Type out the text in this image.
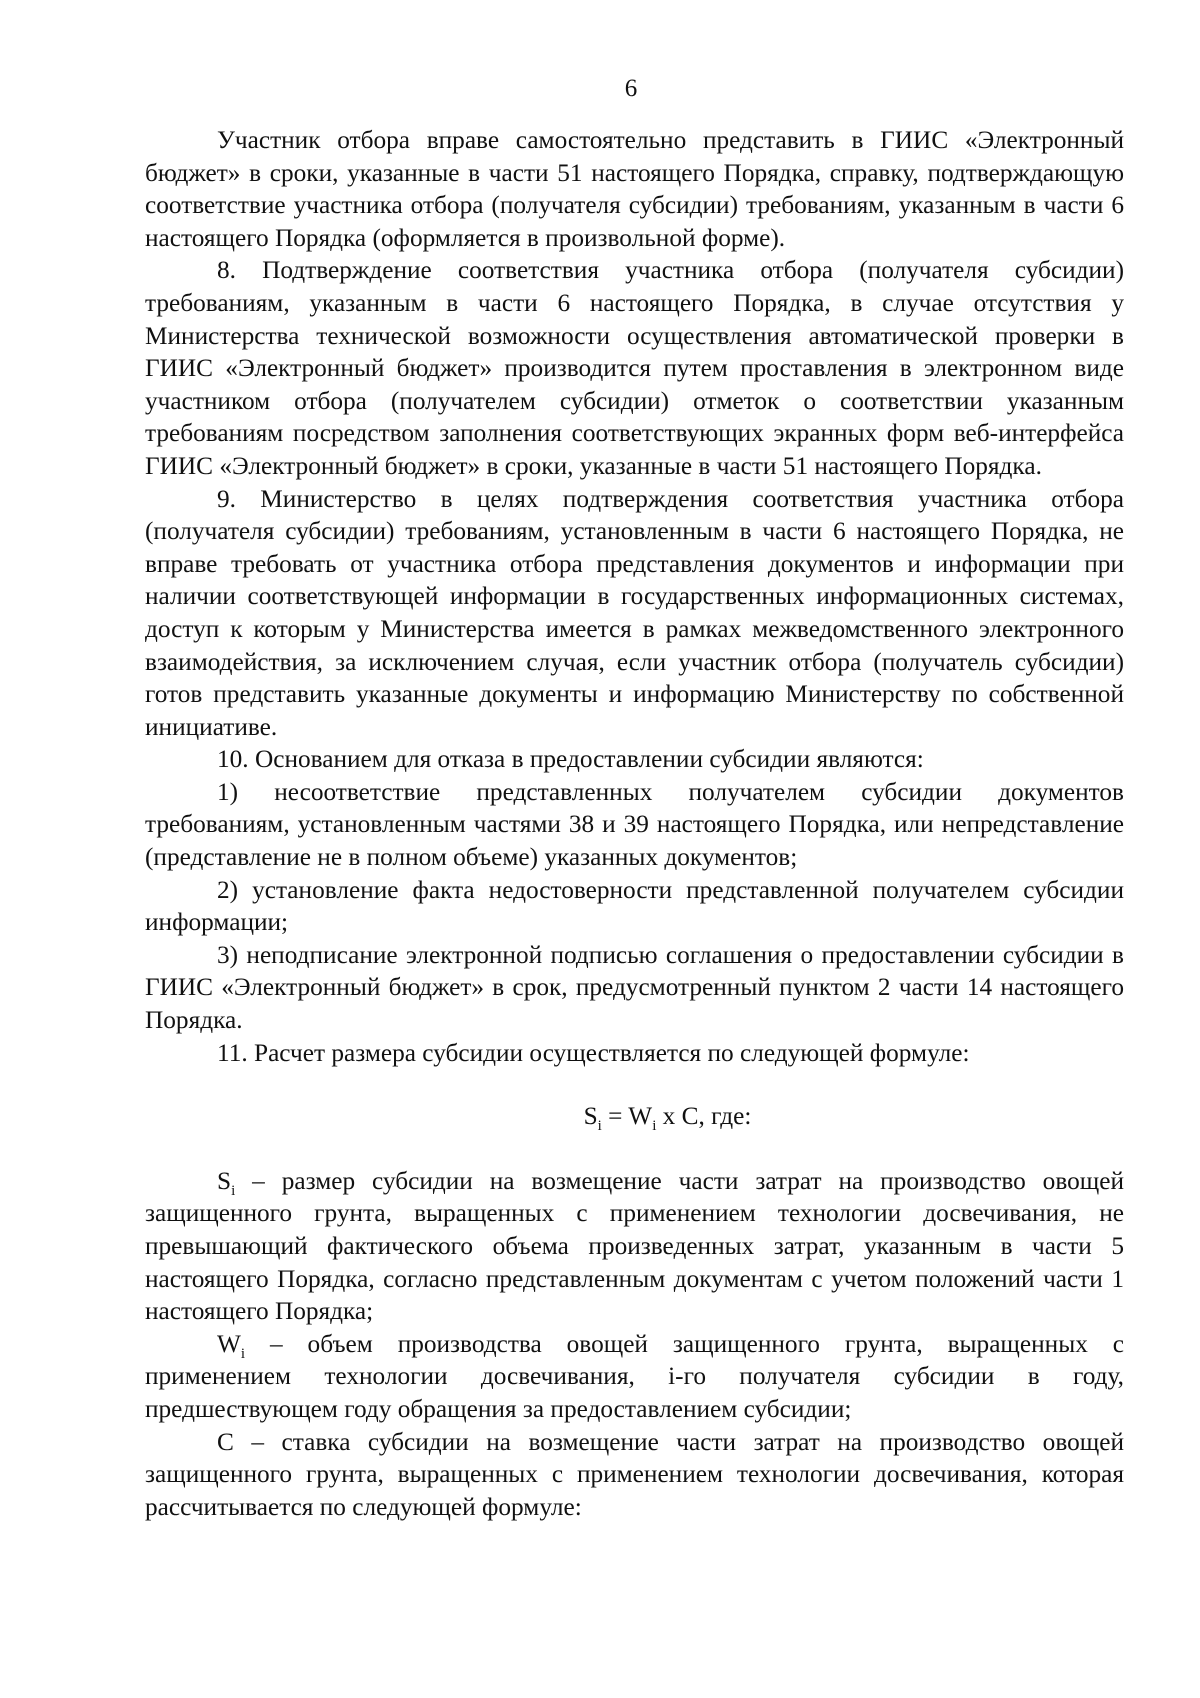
6

Участник отбора вправе самостоятельно представить в ГИИС «Электронный бюджет» в сроки, указанные в части 51 настоящего Порядка, справку, подтверждающую соответствие участника отбора (получателя субсидии) требованиям, указанным в части 6 настоящего Порядка (оформляется в произвольной форме).

8. Подтверждение соответствия участника отбора (получателя субсидии) требованиям, указанным в части 6 настоящего Порядка, в случае отсутствия у Министерства технической возможности осуществления автоматической проверки в ГИИС «Электронный бюджет» производится путем проставления в электронном виде участником отбора (получателем субсидии) отметок о соответствии указанным требованиям посредством заполнения соответствующих экранных форм веб-интерфейса ГИИС «Электронный бюджет» в сроки, указанные в части 51 настоящего Порядка.

9. Министерство в целях подтверждения соответствия участника отбора (получателя субсидии) требованиям, установленным в части 6 настоящего Порядка, не вправе требовать от участника отбора представления документов и информации при наличии соответствующей информации в государственных информационных системах, доступ к которым у Министерства имеется в рамках межведомственного электронного взаимодействия, за исключением случая, если участник отбора (получатель субсидии) готов представить указанные документы и информацию Министерству по собственной инициативе.

10. Основанием для отказа в предоставлении субсидии являются:

1) несоответствие представленных получателем субсидии документов требованиям, установленным частями 38 и 39 настоящего Порядка, или непредставление (представление не в полном объеме) указанных документов;

2) установление факта недостоверности представленной получателем субсидии информации;

3) неподписание электронной подписью соглашения о предоставлении субсидии в ГИИС «Электронный бюджет» в срок, предусмотренный пунктом 2 части 14 настоящего Порядка.

11. Расчет размера субсидии осуществляется по следующей формуле:

$S_i = W_i$ x C, где:

$S_i$ – размер субсидии на возмещение части затрат на производство овощей защищенного грунта, выращенных с применением технологии досвечивания, не превышающий фактического объема произведенных затрат, указанным в части 5 настоящего Порядка, согласно представленным документам с учетом положений части 1 настоящего Порядка;

$W_i$ – объем производства овощей защищенного грунта, выращенных с применением технологии досвечивания, i-го получателя субсидии в году, предшествующем году обращения за предоставлением субсидии;

C – ставка субсидии на возмещение части затрат на производство овощей защищенного грунта, выращенных с применением технологии досвечивания, которая рассчитывается по следующей формуле:
